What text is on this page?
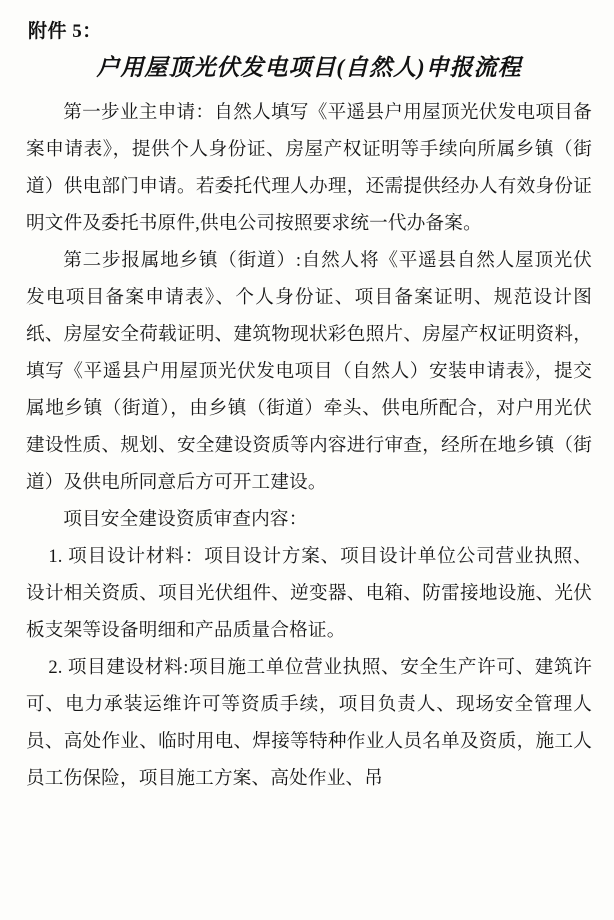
附件 5：
户用屋顶光伏发电项目(自然人)申报流程

第一步业主申请：自然人填写《平遥县户用屋顶光伏发电项目备案申请表》，提供个人身份证、房屋产权证明等手续向所属乡镇（街道）供电部门申请。若委托代理人办理，还需提供经办人有效身份证明文件及委托书原件,供电公司按照要求统一代办备案。

第二步报属地乡镇（街道）:自然人将《平遥县自然人屋顶光伏发电项目备案申请表》、个人身份证、项目备案证明、规范设计图纸、房屋安全荷载证明、建筑物现状彩色照片、房屋产权证明资料，填写《平遥县户用屋顶光伏发电项目（自然人）安装申请表》，提交属地乡镇（街道），由乡镇（街道）牵头、供电所配合，对户用光伏建设性质、规划、安全建设资质等内容进行审查，经所在地乡镇（街道）及供电所同意后方可开工建设。

项目安全建设资质审查内容：

1. 项目设计材料：项目设计方案、项目设计单位公司营业执照、设计相关资质、项目光伏组件、逆变器、电箱、防雷接地设施、光伏板支架等设备明细和产品质量合格证。

2. 项目建设材料:项目施工单位营业执照、安全生产许可、建筑许可、电力承装运维许可等资质手续，项目负责人、现场安全管理人员、高处作业、临时用电、焊接等特种作业人员名单及资质，施工人员工伤保险，项目施工方案、高处作业、吊
